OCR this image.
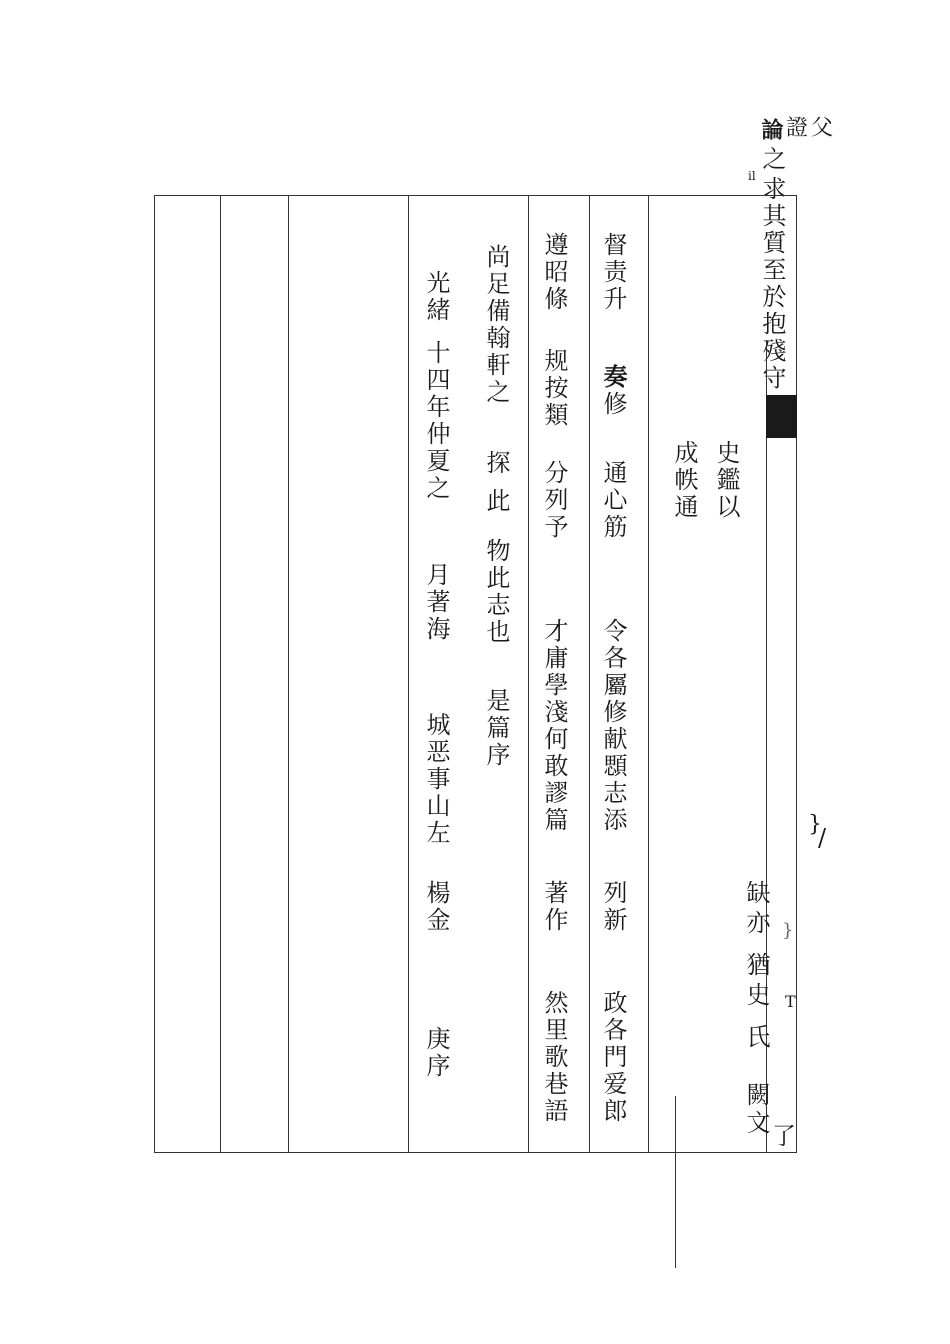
論 證父
之
求其質至於抱殘守
il
史鑑以
成帙通
督责升
奏修
通心筋
令各屬修献顋志添
列新
政各門爱郎
遵昭條
规按類
分列予
才庸學淺何敢謬篇
著作
然里歌巷語
尚足備翰軒之
探
此
物此志也
是篇序
光緒
十四年仲夏之
月著海
城恶事山左
楊金
庚序
缺
亦
猶
史
氏
闕
文
}
/
}
T
了
